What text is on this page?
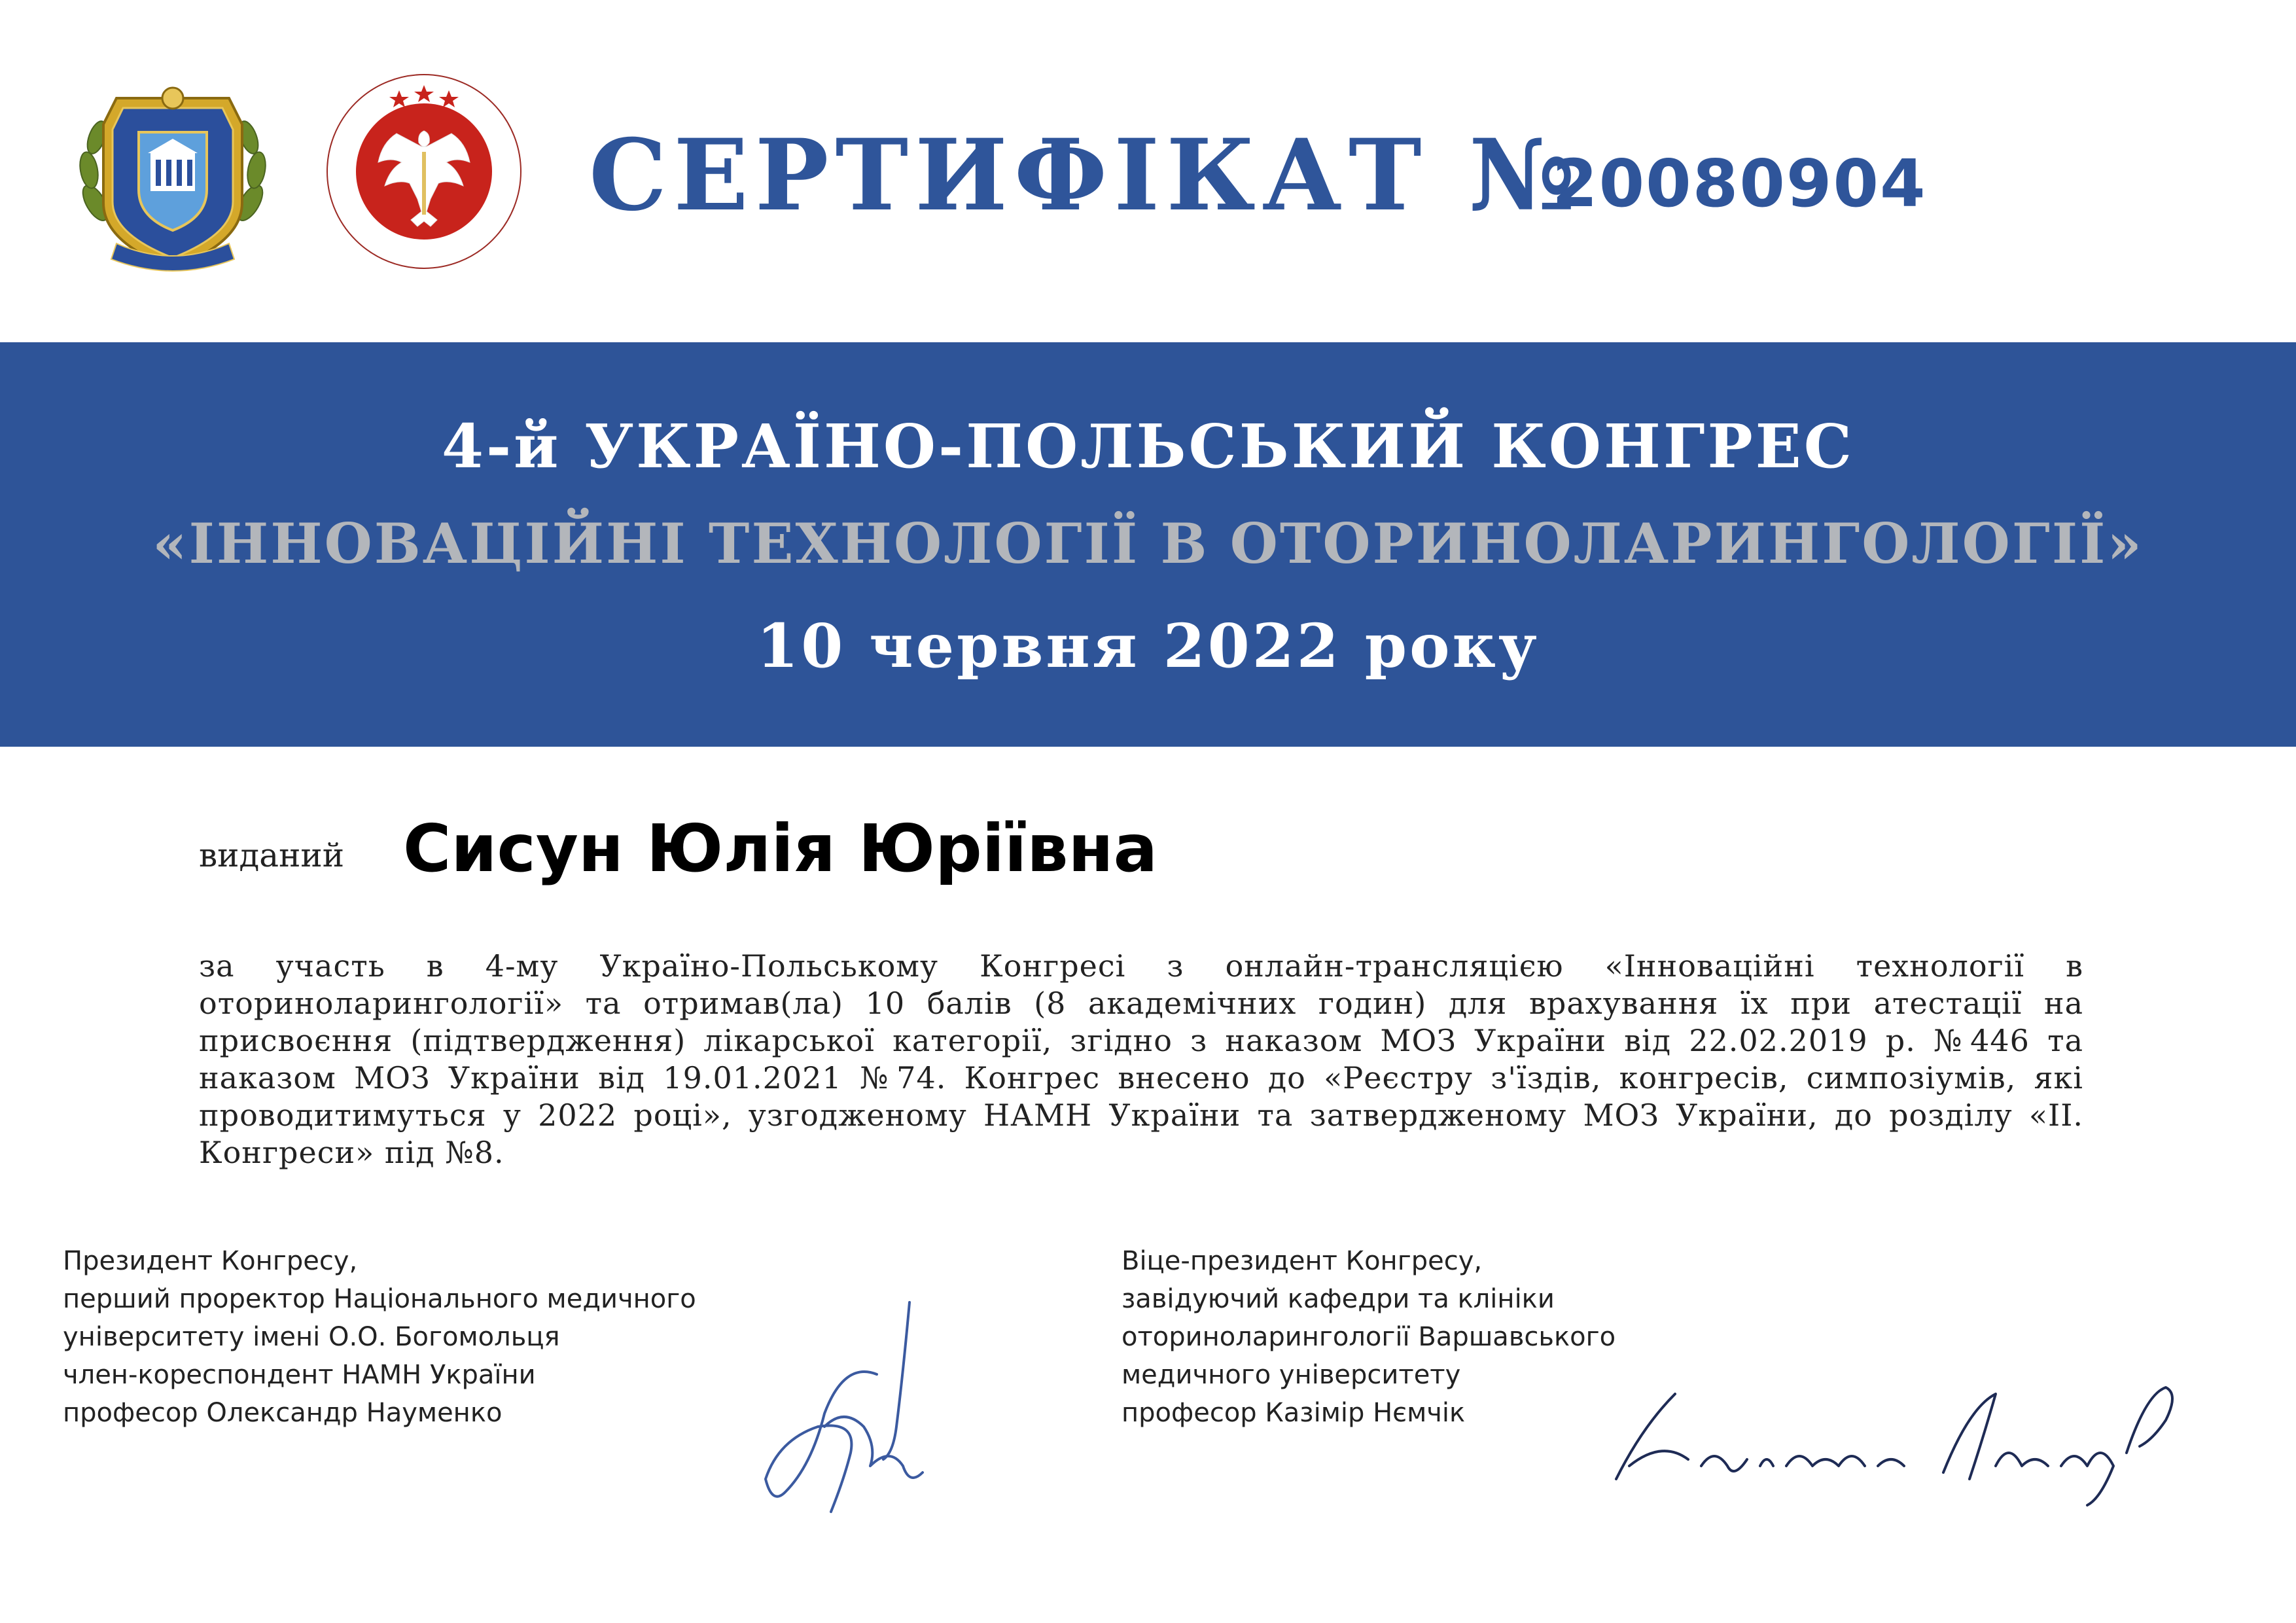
СЕРТИФІКАТ №
20080904
4-й УКРАЇНО-ПОЛЬСЬКИЙ КОНГРЕС
«ІННОВАЦІЙНІ ТЕХНОЛОГІЇ В ОТОРИНОЛАРИНГОЛОГІЇ»
10 червня 2022 року
виданий Сисун Юлія Юріївна
за участь в 4-му Україно-Польському Конгресі з онлайн-трансляцією «Інноваційні технології в оториноларингології» та отримав(ла) 10 балів (8 академічних годин) для врахування їх при атестації на присвоєння (підтвердження) лікарської категорії, згідно з наказом МОЗ України від 22.02.2019 р. №446 та наказом МОЗ України від 19.01.2021 №74. Конгрес внесено до «Реєстру з'їздів, конгресів, симпозіумів, які проводитимуться у 2022 році», узгодженому НАМН України та затвердженому МОЗ України, до розділу «ІІ. Конгреси» під №8.
Президент Конгресу,
перший проректор Національного медичного
університету імені О.О. Богомольця
член-кореспондент НАМН України
професор Олександр Науменко
Віце-президент Конгресу,
завідуючий кафедри та клініки
оториноларингології Варшавського
медичного університету
професор Казімір Нємчік
